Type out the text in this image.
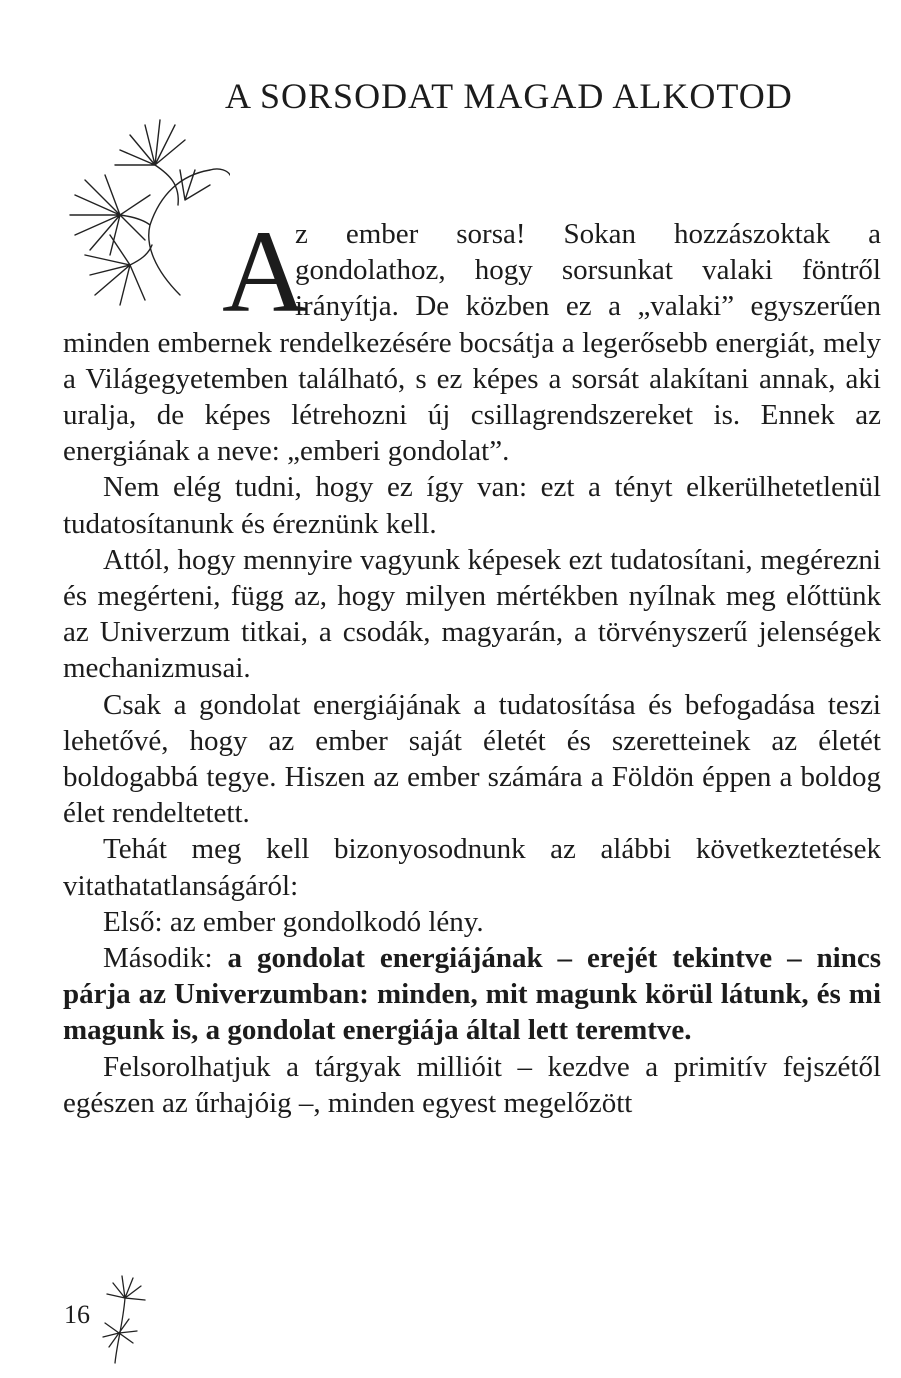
A SORSODAT MAGAD ALKOTOD
A

z ember sorsa! Sokan hozzászoktak a gondolathoz, hogy sorsunkat valaki föntről irányítja. De közben ez a „valaki” egyszerűen minden embernek rendelkezésére bocsátja a legerősebb energiát, mely a Világegyetemben található, s ez képes a sorsát alakítani annak, aki uralja, de képes létrehozni új csillagrendszereket is. Ennek az energiának a neve: „emberi gondolat”.

Nem elég tudni, hogy ez így van: ezt a tényt elkerülhetetlenül tudatosítanunk és éreznünk kell.

Attól, hogy mennyire vagyunk képesek ezt tudatosítani, megérezni és megérteni, függ az, hogy milyen mértékben nyílnak meg előttünk az Univerzum titkai, a csodák, magyarán, a törvényszerű jelenségek mechanizmusai.

Csak a gondolat energiájának a tudatosítása és befogadása teszi lehetővé, hogy az ember saját életét és szeretteinek az életét boldogabbá tegye. Hiszen az ember számára a Földön éppen a boldog élet rendeltetett.

Tehát meg kell bizonyosodnunk az alábbi következtetések vitathatatlanságáról:

Első: az ember gondolkodó lény.

Második: a gondolat energiájának – erejét tekintve – nincs párja az Univerzumban: minden, mit magunk körül látunk, és mi magunk is, a gondolat energiája által lett teremtve.

Felsorolhatjuk a tárgyak millióit – kezdve a primitív fejszétől egészen az űrhajóig –, minden egyest megelőzött

16
